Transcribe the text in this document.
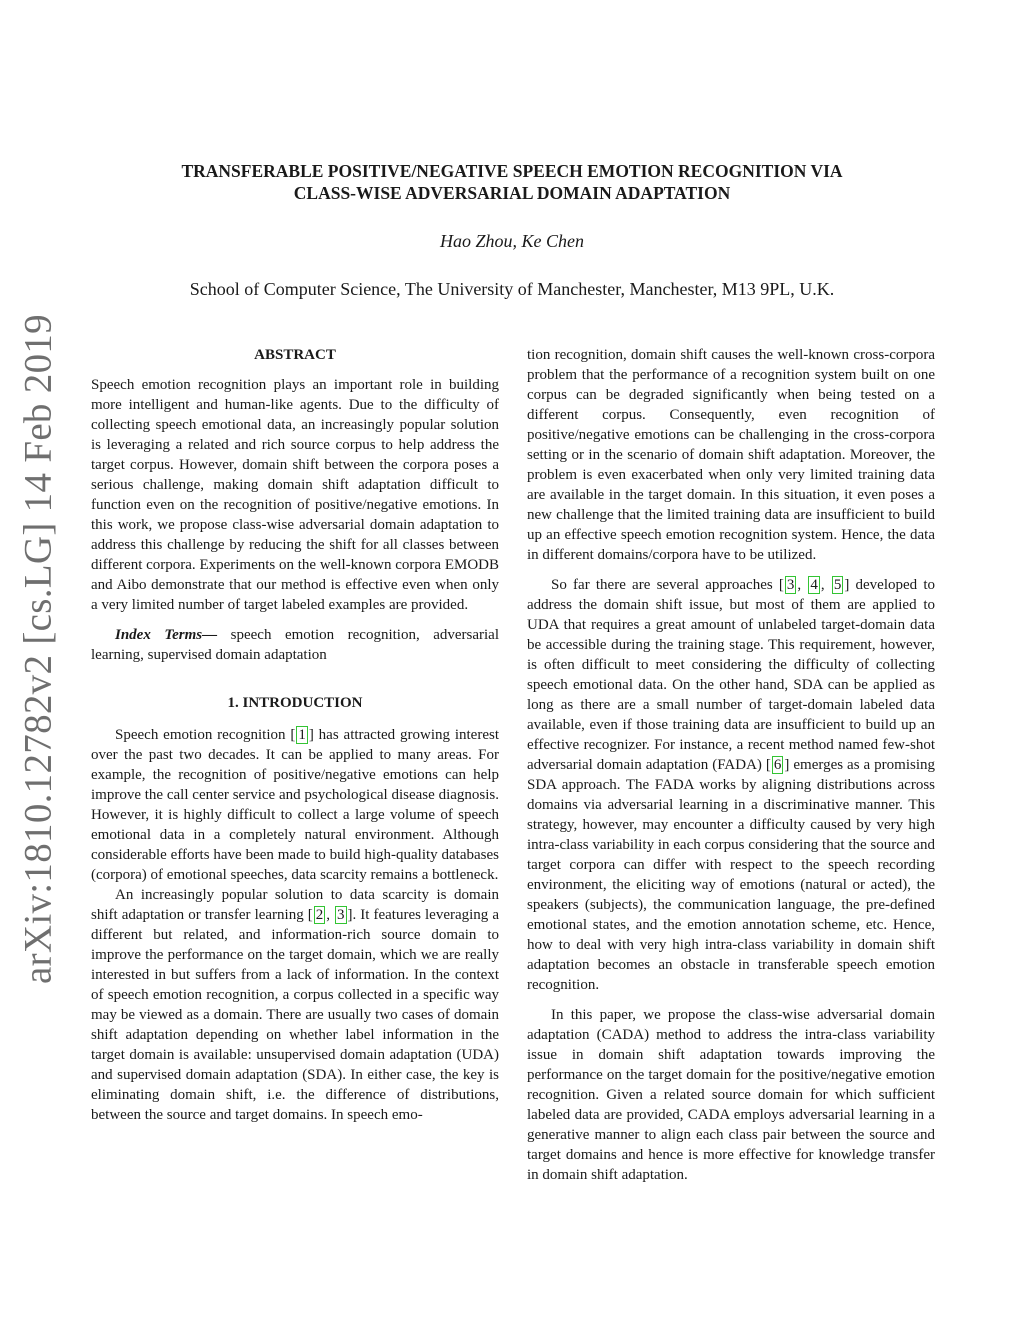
arXiv:1810.12782v2 [cs.LG] 14 Feb 2019
TRANSFERABLE POSITIVE/NEGATIVE SPEECH EMOTION RECOGNITION VIA
CLASS-WISE ADVERSARIAL DOMAIN ADAPTATION
Hao Zhou, Ke Chen
School of Computer Science, The University of Manchester, Manchester, M13 9PL, U.K.
ABSTRACT

Speech emotion recognition plays an important role in building more intelligent and human-like agents. Due to the difficulty of collecting speech emotional data, an increasingly popular solution is leveraging a related and rich source corpus to help address the target corpus. However, domain shift between the corpora poses a serious challenge, making domain shift adaptation difficult to function even on the recognition of positive/negative emotions. In this work, we propose class-wise adversarial domain adaptation to address this challenge by reducing the shift for all classes between different corpora. Experiments on the well-known corpora EMODB and Aibo demonstrate that our method is effective even when only a very limited number of target labeled examples are provided.

Index Terms— speech emotion recognition, adversarial learning, supervised domain adaptation

1. INTRODUCTION

Speech emotion recognition [ 1 ] has attracted growing interest over the past two decades. It can be applied to many areas. For example, the recognition of positive/negative emotions can help improve the call center service and psychological disease diagnosis. However, it is highly difficult to collect a large volume of speech emotional data in a completely natural environment. Although considerable efforts have been made to build high-quality databases (corpora) of emotional speeches, data scarcity remains a bottleneck.

An increasingly popular solution to data scarcity is domain shift adaptation or transfer learning [ 2 , 3 ]. It features leveraging a different but related, and information-rich source domain to improve the performance on the target domain, which we are really interested in but suffers from a lack of information. In the context of speech emotion recognition, a corpus collected in a specific way may be viewed as a domain. There are usually two cases of domain shift adaptation depending on whether label information in the target domain is available: unsupervised domain adaptation (UDA) and supervised domain adaptation (SDA). In either case, the key is eliminating domain shift, i.e. the difference of distributions, between the source and target domains. In speech emo-

tion recognition, domain shift causes the well-known cross-corpora problem that the performance of a recognition system built on one corpus can be degraded significantly when being tested on a different corpus. Consequently, even recognition of positive/negative emotions can be challenging in the cross-corpora setting or in the scenario of domain shift adaptation. Moreover, the problem is even exacerbated when only very limited training data are available in the target domain. In this situation, it even poses a new challenge that the limited training data are insufficient to build up an effective speech emotion recognition system. Hence, the data in different domains/corpora have to be utilized.

So far there are several approaches [ 3 , 4 , 5 ] developed to address the domain shift issue, but most of them are applied to UDA that requires a great amount of unlabeled target-domain data be accessible during the training stage. This requirement, however, is often difficult to meet considering the difficulty of collecting speech emotional data. On the other hand, SDA can be applied as long as there are a small number of target-domain labeled data available, even if those training data are insufficient to build up an effective recognizer. For instance, a recent method named few-shot adversarial domain adaptation (FADA) [ 6 ] emerges as a promising SDA approach. The FADA works by aligning distributions across domains via adversarial learning in a discriminative manner. This strategy, however, may encounter a difficulty caused by very high intra-class variability in each corpus considering that the source and target corpora can differ with respect to the speech recording environment, the eliciting way of emotions (natural or acted), the speakers (subjects), the communication language, the pre-defined emotional states, and the emotion annotation scheme, etc. Hence, how to deal with very high intra-class variability in domain shift adaptation becomes an obstacle in transferable speech emotion recognition.

In this paper, we propose the class-wise adversarial domain adaptation (CADA) method to address the intra-class variability issue in domain shift adaptation towards improving the performance on the target domain for the positive/negative emotion recognition. Given a related source domain for which sufficient labeled data are provided, CADA employs adversarial learning in a generative manner to align each class pair between the source and target domains and hence is more effective for knowledge transfer in domain shift adaptation.
